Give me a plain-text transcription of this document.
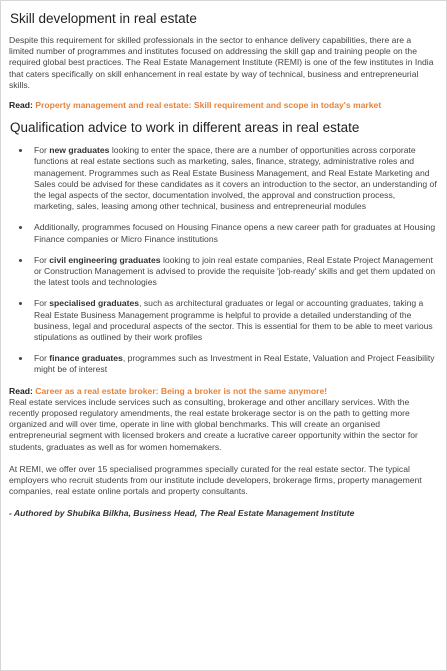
Skill development in real estate

Despite this requirement for skilled professionals in the sector to enhance delivery capabilities, there are a limited number of programmes and institutes focused on addressing the skill gap and training people on the required global best practices. The Real Estate Management Institute (REMI) is one of the few institutes in India that caters specifically on skill enhancement in real estate by way of technical, business and entrepreneurial skills.

Read: Property management and real estate: Skill requirement and scope in today's market
Qualification advice to work in different areas in real estate
• For new graduates looking to enter the space, there are a number of opportunities across corporate functions at real estate sections such as marketing, sales, finance, strategy, administrative roles and management. Programmes such as Real Estate Business Management, and Real Estate Marketing and Sales could be advised for these candidates as it covers an introduction to the sector, an understanding of the legal aspects of the sector, documentation involved, the approval and construction process, marketing, sales, leasing among other technical, business and entrepreneurial modules
• Additionally, programmes focused on Housing Finance opens a new career path for graduates at Housing Finance companies or Micro Finance institutions
• For civil engineering graduates looking to join real estate companies, Real Estate Project Management or Construction Management is advised to provide the requisite 'job-ready' skills and get them updated on the latest tools and technologies
• For specialised graduates, such as architectural graduates or legal or accounting graduates, taking a Real Estate Business Management programme is helpful to provide a detailed understanding of the business, legal and procedural aspects of the sector. This is essential for them to be able to meet various stipulations as outlined by their work profiles
• For finance graduates, programmes such as Investment in Real Estate, Valuation and Project Feasibility might be of interest
Read: Career as a real estate broker: Being a broker is not the same anymore!

Real estate services include services such as consulting, brokerage and other ancillary services. With the recently proposed regulatory amendments, the real estate brokerage sector is on the path to getting more organized and will over time, operate in line with global benchmarks. This will create an organised entrepreneurial segment with licensed brokers and create a lucrative career opportunity within the sector for students, graduates as well as for women homemakers.

At REMI, we offer over 15 specialised programmes specially curated for the real estate sector. The typical employers who recruit students from our institute include developers, brokerage firms, property management companies, real estate online portals and property consultants.

- Authored by Shubika Bilkha, Business Head, The Real Estate Management Institute
